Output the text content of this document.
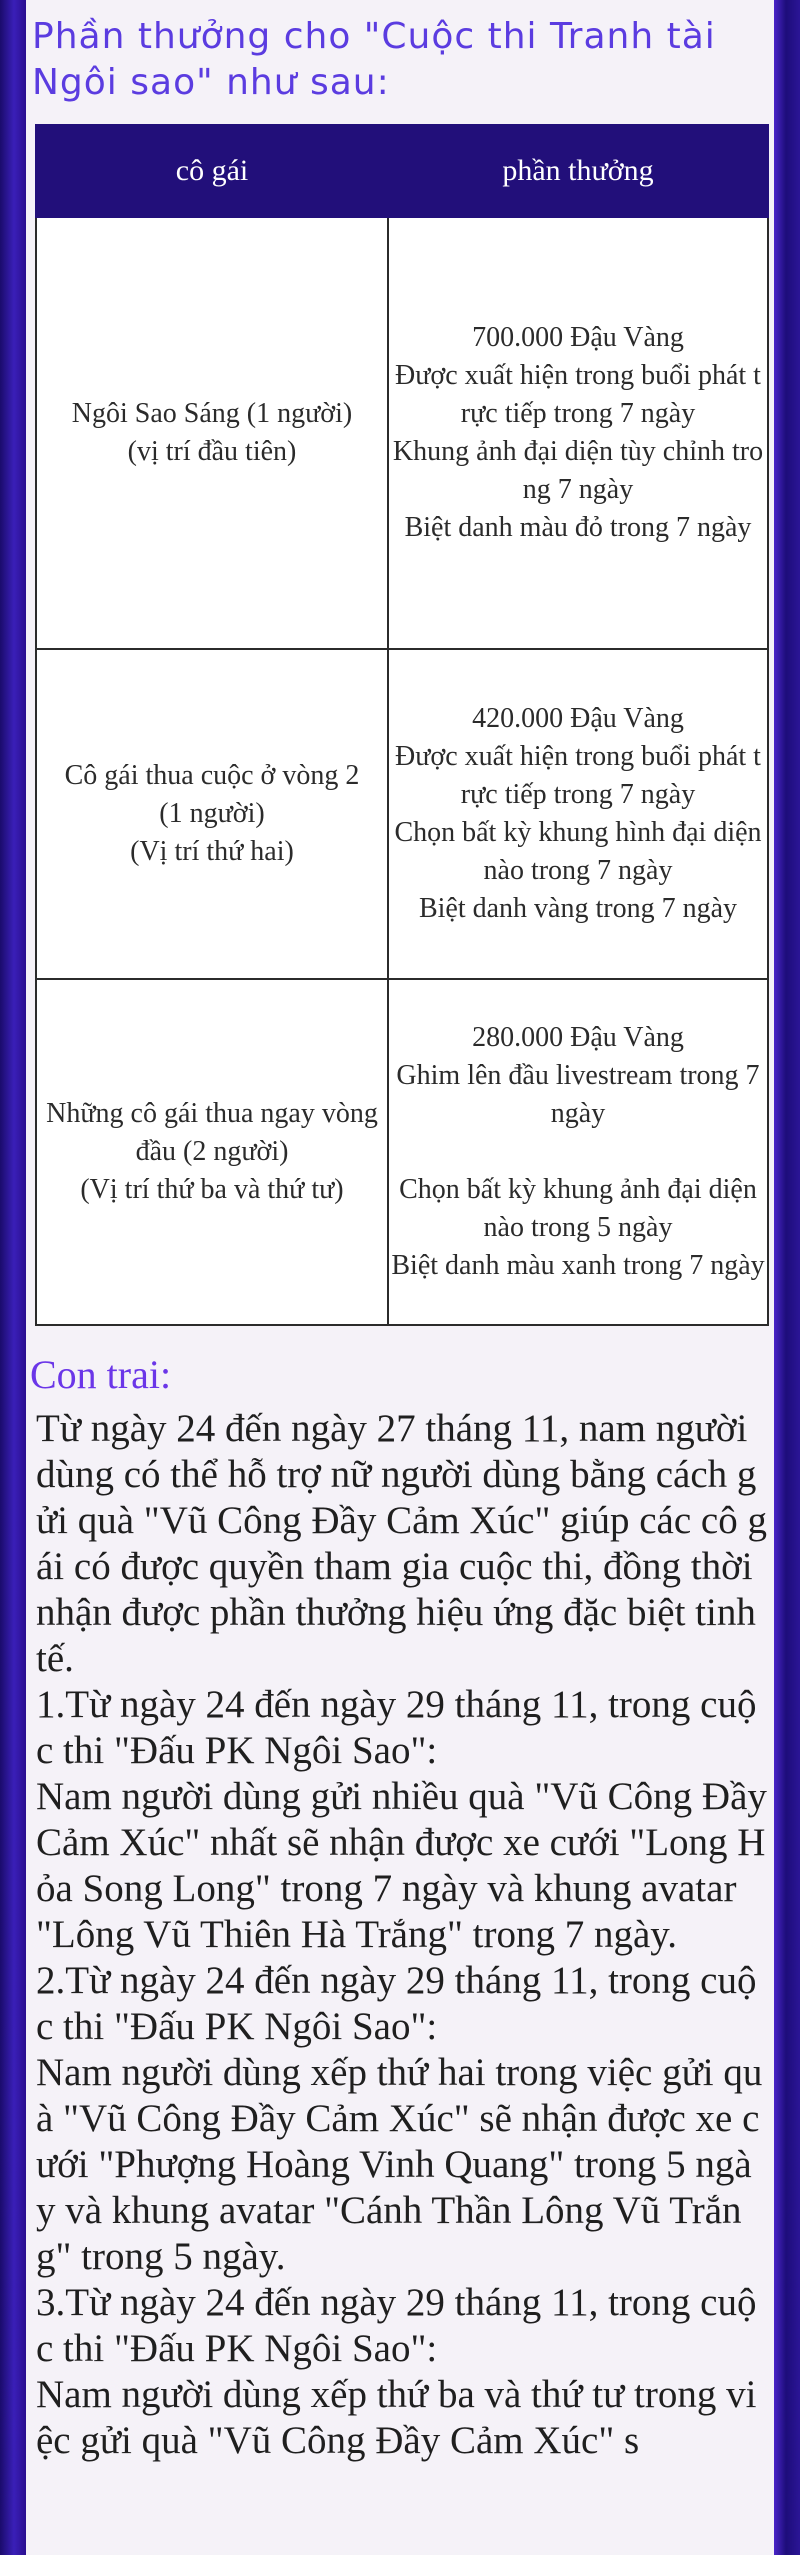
Phần thưởng cho "Cuộc thi Tranh tài Ngôi sao" như sau:
cô gái	phần thưởng

Ngôi Sao Sáng (1 người)
(vị trí đầu tiên)	700.000 Đậu Vàng
Được xuất hiện trong buổi phát trực tiếp trong 7 ngày
Khung ảnh đại diện tùy chỉnh trong 7 ngày
Biệt danh màu đỏ trong 7 ngày

Cô gái thua cuộc ở vòng 2
(1 người)
(Vị trí thứ hai)	420.000 Đậu Vàng
Được xuất hiện trong buổi phát trực tiếp trong 7 ngày
Chọn bất kỳ khung hình đại diện nào trong 7 ngày
Biệt danh vàng trong 7 ngày

Những cô gái thua ngay vòng đầu (2 người)
(Vị trí thứ ba và thứ tư)	280.000 Đậu Vàng
Ghim lên đầu livestream trong 7 ngày
Chọn bất kỳ khung ảnh đại diện nào trong 5 ngày
Biệt danh màu xanh trong 7 ngày
Con trai:
Từ ngày 24 đến ngày 27 tháng 11, nam người dùng có thể hỗ trợ nữ người dùng bằng cách gửi quà "Vũ Công Đầy Cảm Xúc" giúp các cô gái có được quyền tham gia cuộc thi, đồng thời nhận được phần thưởng hiệu ứng đặc biệt tinh tế.
1.Từ ngày 24 đến ngày 29 tháng 11, trong cuộc thi "Đấu PK Ngôi Sao":
Nam người dùng gửi nhiều quà "Vũ Công Đầy Cảm Xúc" nhất sẽ nhận được xe cưới "Long Hỏa Song Long" trong 7 ngày và khung avatar "Lông Vũ Thiên Hà Trắng" trong 7 ngày.
2.Từ ngày 24 đến ngày 29 tháng 11, trong cuộc thi "Đấu PK Ngôi Sao":
Nam người dùng xếp thứ hai trong việc gửi quà "Vũ Công Đầy Cảm Xúc" sẽ nhận được xe cưới "Phượng Hoàng Vinh Quang" trong 5 ngày và khung avatar "Cánh Thần Lông Vũ Trắng" trong 5 ngày.
3.Từ ngày 24 đến ngày 29 tháng 11, trong cuộc thi "Đấu PK Ngôi Sao":
Nam người dùng xếp thứ ba và thứ tư trong việc gửi quà "Vũ Công Đầy Cảm Xúc" s
